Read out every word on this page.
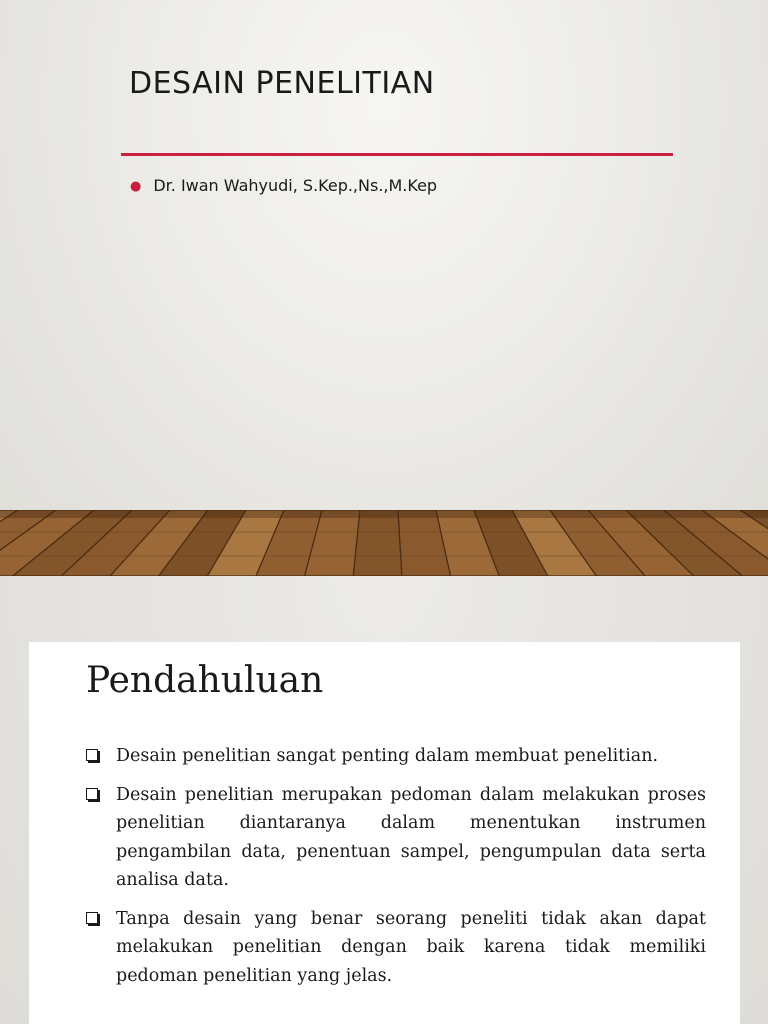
DESAIN PENELITIAN
● Dr. Iwan Wahyudi, S.Kep.,Ns.,M.Kep
Pendahuluan
Desain penelitian sangat penting dalam membuat penelitian.
Desain penelitian merupakan pedoman dalam melakukan proses penelitian diantaranya dalam menentukan instrumen pengambilan data, penentuan sampel, pengumpulan data serta analisa data.
Tanpa desain yang benar seorang peneliti tidak akan dapat melakukan penelitian dengan baik karena tidak memiliki pedoman penelitian yang jelas.
